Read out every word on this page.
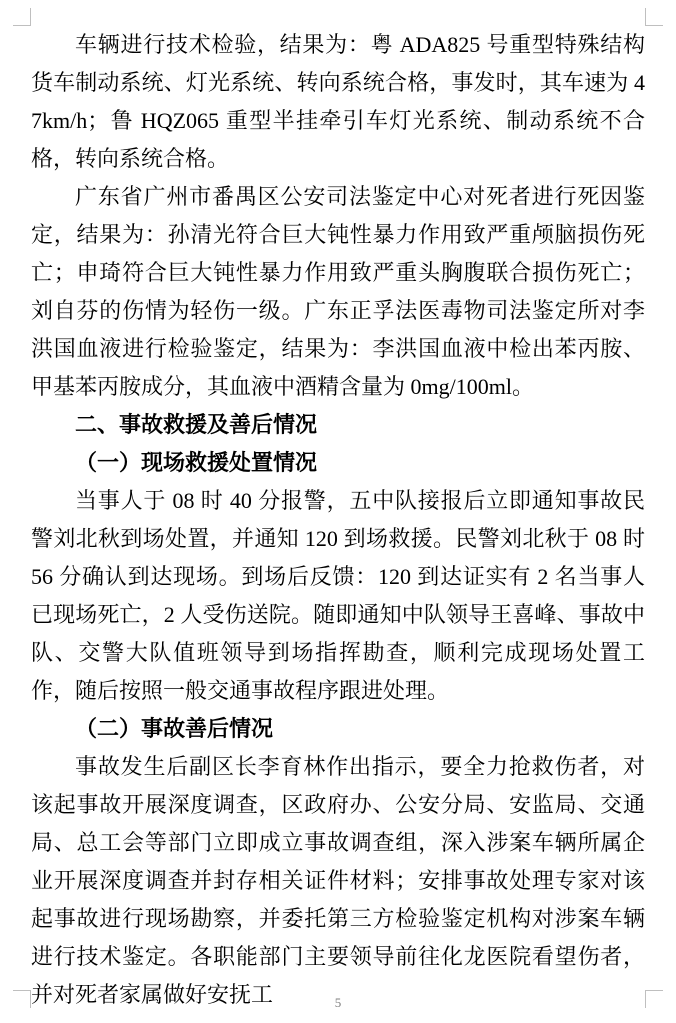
车辆进行技术检验，结果为：粤 ADA825 号重型特殊结构货车制动系统、灯光系统、转向系统合格，事发时，其车速为 47km/h；鲁 HQZ065 重型半挂牵引车灯光系统、制动系统不合格，转向系统合格。

广东省广州市番禺区公安司法鉴定中心对死者进行死因鉴定，结果为：孙清光符合巨大钝性暴力作用致严重颅脑损伤死亡；申琦符合巨大钝性暴力作用致严重头胸腹联合损伤死亡；刘自芬的伤情为轻伤一级。广东正孚法医毒物司法鉴定所对李洪国血液进行检验鉴定，结果为：李洪国血液中检出苯丙胺、甲基苯丙胺成分，其血液中酒精含量为 0mg/100ml。

二、事故救援及善后情况
（一）现场救援处置情况

当事人于 08 时 40 分报警，五中队接报后立即通知事故民警刘北秋到场处置，并通知 120 到场救援。民警刘北秋于 08 时 56 分确认到达现场。到场后反馈：120 到达证实有 2 名当事人已现场死亡，2 人受伤送院。随即通知中队领导王喜峰、事故中队、交警大队值班领导到场指挥勘查，顺利完成现场处置工作，随后按照一般交通事故程序跟进处理。

（二）事故善后情况

事故发生后副区长李育林作出指示，要全力抢救伤者，对该起事故开展深度调查，区政府办、公安分局、安监局、交通局、总工会等部门立即成立事故调查组，深入涉案车辆所属企业开展深度调查并封存相关证件材料；安排事故处理专家对该起事故进行现场勘察，并委托第三方检验鉴定机构对涉案车辆进行技术鉴定。各职能部门主要领导前往化龙医院看望伤者，并对死者家属做好安抚工	5
